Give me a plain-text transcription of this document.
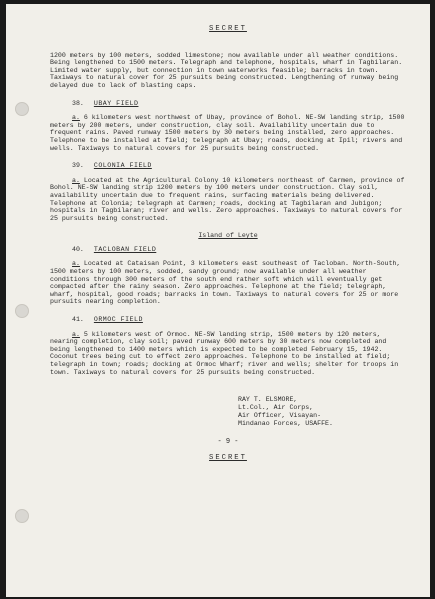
SECRET

1200 meters by 100 meters, sodded limestone; now available under all weather conditions. Being lengthened to 1500 meters. Telegraph and telephone, hospitals, wharf in Tagbilaran. Limited water supply, but connection in town waterworks feasible; barracks in town. Taxiways to natural cover for 25 pursuits being constructed. Lengthening of runway being delayed due to lack of blasting caps.

38. UBAY FIELD

a. 6 kilometers west northwest of Ubay, province of Bohol. NE-SW landing strip, 1500 meters by 200 meters, under construction, clay soil. Availability uncertain due to frequent rains. Paved runway 1500 meters by 30 meters being installed, zero approaches. Telephone to be installed at field; telegraph at Ubay; roads, docking at Ipil; rivers and wells. Taxiways to natural covers for 25 pursuits being constructed.

39. COLONIA FIELD

a. Located at the Agricultural Colony 10 kilometers northeast of Carmen, province of Bohol. NE-SW landing strip 1200 meters by 100 meters under construction. Clay soil, availability uncertain due to frequent rains, surfacing materials being delivered. Telephone at Colonia; telegraph at Carmen; roads, docking at Tagbilaran and Jubigon; hospitals in Tagbilaran; river and wells. Zero approaches. Taxiways to natural covers for 25 pursuits being constructed.

Island of Leyte
40. TACLOBAN FIELD

a. Located at Cataisan Point, 3 kilometers east southeast of Tacloban. North-South, 1500 meters by 100 meters, sodded, sandy ground; now available under all weather conditions through 300 meters of the south end rather soft which will eventually get compacted after the rainy season. Zero approaches. Telephone at the field; telegraph, wharf, hospital, good roads; barracks in town. Taxiways to natural covers for 25 or more pursuits nearing completion.

41. ORMOC FIELD

a. 5 kilometers west of Ormoc. NE-SW landing strip, 1500 meters by 120 meters, nearing completion, clay soil; paved runway 600 meters by 30 meters now completed and being lengthened to 1400 meters which is expected to be completed February 15, 1942. Coconut trees being cut to effect zero approaches. Telephone to be installed at field; telegraph in town; roads; docking at Ormoc Wharf; river and wells; shelter for troops in town. Taxiways to natural covers for 25 pursuits being constructed.

RAY T. ELSMORE,
Lt.Col., Air Corps,
Air Officer, Visayan-
Mindanao Forces, USAFFE.
- 9 -
SECRET
